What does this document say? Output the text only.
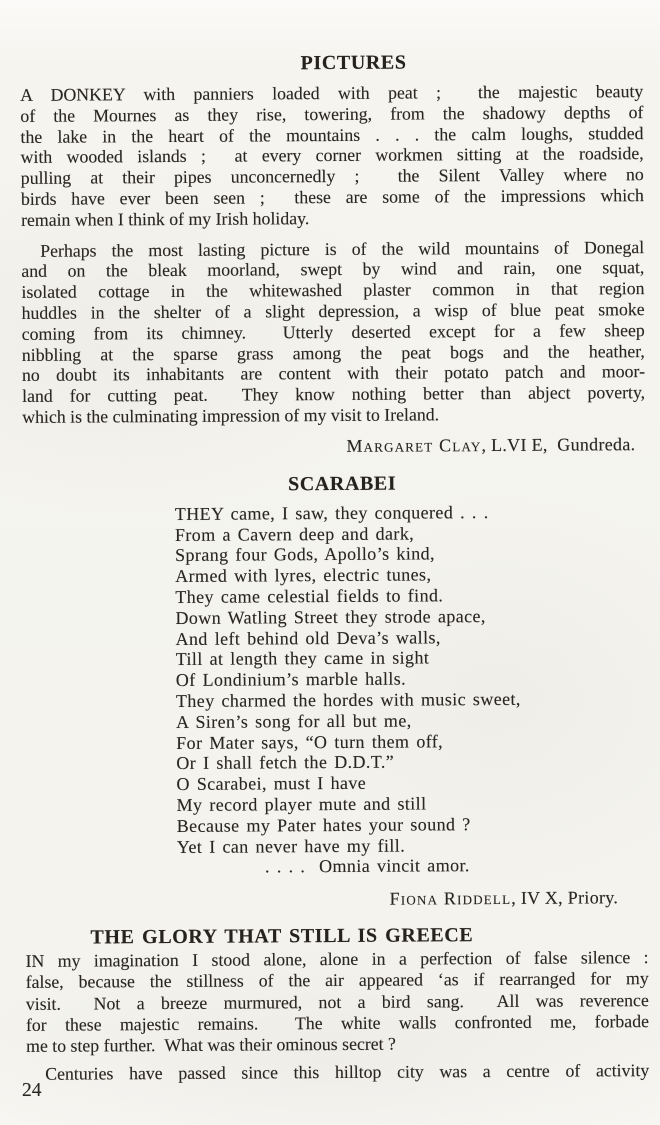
PICTURES
A DONKEY with panniers loaded with peat ;  the majestic beauty
of the Mournes as they rise, towering, from the shadowy depths of
the lake in the heart of the mountains . . . the calm loughs, studded
with wooded islands ;  at every corner workmen sitting at the roadside,
pulling at their pipes unconcernedly ;  the Silent Valley where no
birds have ever been seen ;  these are some of the impressions which
remain when I think of my Irish holiday.
Perhaps the most lasting picture is of the wild mountains of Donegal
and on the bleak moorland, swept by wind and rain, one squat,
isolated cottage in the whitewashed plaster common in that region
huddles in the shelter of a slight depression, a wisp of blue peat smoke
coming from its chimney.  Utterly deserted except for a few sheep
nibbling at the sparse grass among the peat bogs and the heather,
no doubt its inhabitants are content with their potato patch and moor-
land for cutting peat.  They know nothing better than abject poverty,
which is the culminating impression of my visit to Ireland.
Margaret Clay, L.VI E,  Gundreda.
SCARABEI
THEY came, I saw, they conquered . . .
From a Cavern deep and dark,
Sprang four Gods, Apollo’s kind,
Armed with lyres, electric tunes,
They came celestial fields to find.
Down Watling Street they strode apace,
And left behind old Deva’s walls,
Till at length they came in sight
Of Londinium’s marble halls.
They charmed the hordes with music sweet,
A Siren’s song for all but me,
For Mater says, “O turn them off,
Or I shall fetch the D.D.T.”
O Scarabei, must I have
My record player mute and still
Because my Pater hates your sound ?
Yet I can never have my fill.
. . . .  Omnia vincit amor.
Fiona Riddell, IV X, Priory.
THE GLORY THAT STILL IS GREECE
IN my imagination I stood alone, alone in a perfection of false silence :
false, because the stillness of the air appeared ‘as if rearranged for my
visit.  Not a breeze murmured, not a bird sang.  All was reverence
for these majestic remains.  The white walls confronted me, forbade
me to step further.  What was their ominous secret ?
Centuries have passed since this hilltop city was a centre of activity
24
